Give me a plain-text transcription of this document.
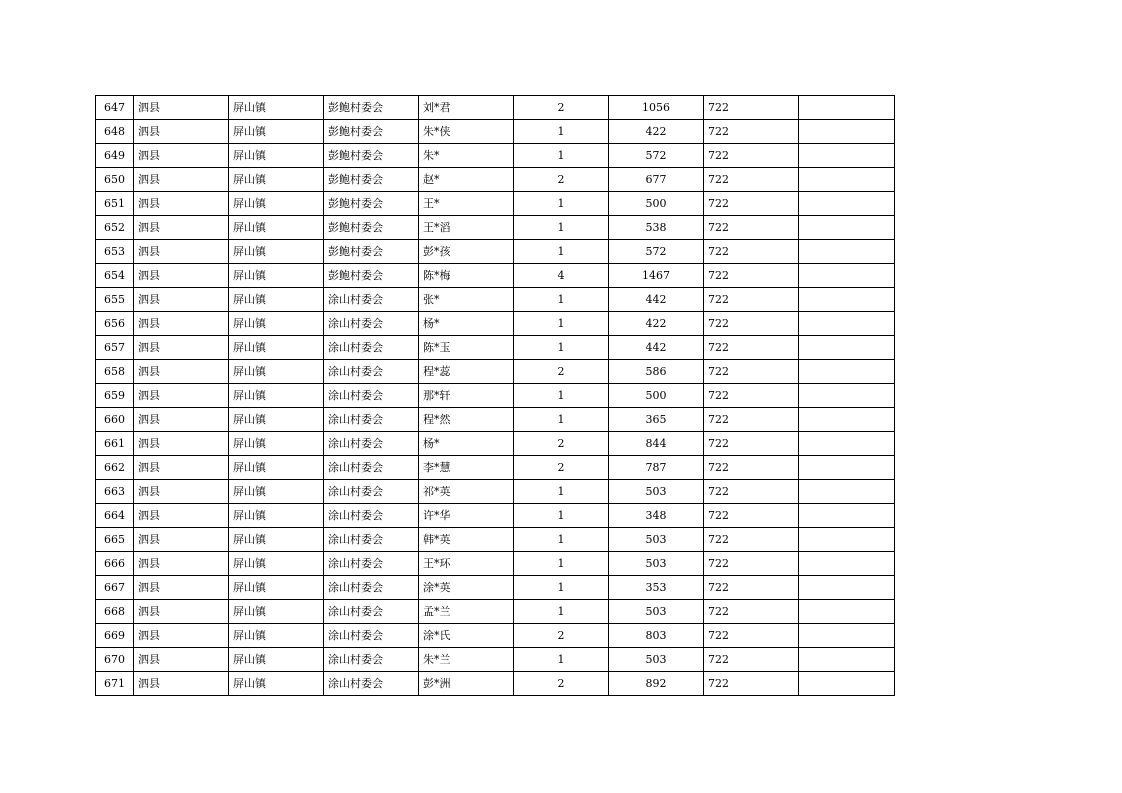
647	泗县	屏山镇	彭鲍村委会	刘*君	2	1056	722	
648	泗县	屏山镇	彭鲍村委会	朱*侠	1	422	722	
649	泗县	屏山镇	彭鲍村委会	朱*	1	572	722	
650	泗县	屏山镇	彭鲍村委会	赵*	2	677	722	
651	泗县	屏山镇	彭鲍村委会	王*	1	500	722	
652	泗县	屏山镇	彭鲍村委会	王*滔	1	538	722	
653	泗县	屏山镇	彭鲍村委会	彭*孩	1	572	722	
654	泗县	屏山镇	彭鲍村委会	陈*梅	4	1467	722	
655	泗县	屏山镇	涂山村委会	张*	1	442	722	
656	泗县	屏山镇	涂山村委会	杨*	1	422	722	
657	泗县	屏山镇	涂山村委会	陈*玉	1	442	722	
658	泗县	屏山镇	涂山村委会	程*蕊	2	586	722	
659	泗县	屏山镇	涂山村委会	那*轩	1	500	722	
660	泗县	屏山镇	涂山村委会	程*然	1	365	722	
661	泗县	屏山镇	涂山村委会	杨*	2	844	722	
662	泗县	屏山镇	涂山村委会	李*慧	2	787	722	
663	泗县	屏山镇	涂山村委会	祁*英	1	503	722	
664	泗县	屏山镇	涂山村委会	许*华	1	348	722	
665	泗县	屏山镇	涂山村委会	韩*英	1	503	722	
666	泗县	屏山镇	涂山村委会	王*环	1	503	722	
667	泗县	屏山镇	涂山村委会	涂*英	1	353	722	
668	泗县	屏山镇	涂山村委会	孟*兰	1	503	722	
669	泗县	屏山镇	涂山村委会	涂*氏	2	803	722	
670	泗县	屏山镇	涂山村委会	朱*兰	1	503	722	
671	泗县	屏山镇	涂山村委会	彭*洲	2	892	722	
